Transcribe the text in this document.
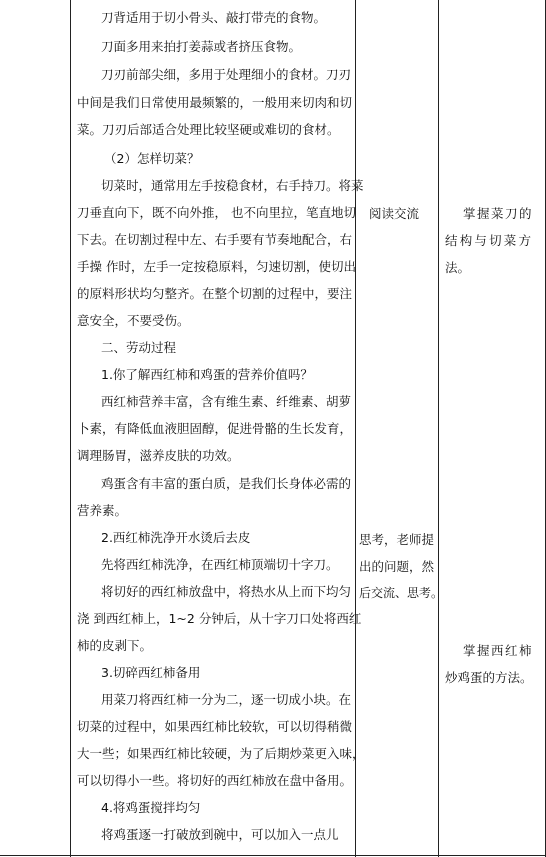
刀背适用于切小骨头、敲打带壳的食物。

刀面多用来拍打姜蒜或者挤压食物。

刀刃前部尖细，多用于处理细小的食材。刀刃

中间是我们日常使用最频繁的，一般用来切肉和切

菜。刀刃后部适合处理比较坚硬或难切的食材。

（2）怎样切菜？

切菜时，通常用左手按稳食材，右手持刀。将菜

刀垂直向下，既不向外推， 也不向里拉，笔直地切

下去。在切割过程中左、右手要有节奏地配合，右

手操 作时，左手一定按稳原料，匀速切割，使切出

的原料形状均匀整齐。在整个切割的过程中，要注

意安全，不要受伤。

二、劳动过程

1.你了解西红柿和鸡蛋的营养价值吗？

西红柿营养丰富，含有维生素、纤维素、胡萝

卜素，有降低血液胆固醇，促进骨骼的生长发育，

调理肠胃，滋养皮肤的功效。

鸡蛋含有丰富的蛋白质，是我们长身体必需的

营养素。

2.西红柿洗净开水烫后去皮

先将西红柿洗净，在西红柿顶端切十字刀。

将切好的西红柿放盘中，将热水从上而下均匀

浇 到西红柿上，1~2 分钟后，从十字刀口处将西红

柿的皮剥下。

3.切碎西红柿备用

用菜刀将西红柿一分为二，逐一切成小块。在

切菜的过程中，如果西红柿比较软，可以切得稍微

大一些；如果西红柿比较硬，为了后期炒菜更入味，

可以切得小一些。将切好的西红柿放在盘中备用。

4.将鸡蛋搅拌均匀

将鸡蛋逐一打破放到碗中，可以加入一点儿

阅读交流

思考，老师提

出的问题，然

后交流、思考。

掌握菜刀的

结构与切菜方

法。

掌握西红柿

炒鸡蛋的方法。
